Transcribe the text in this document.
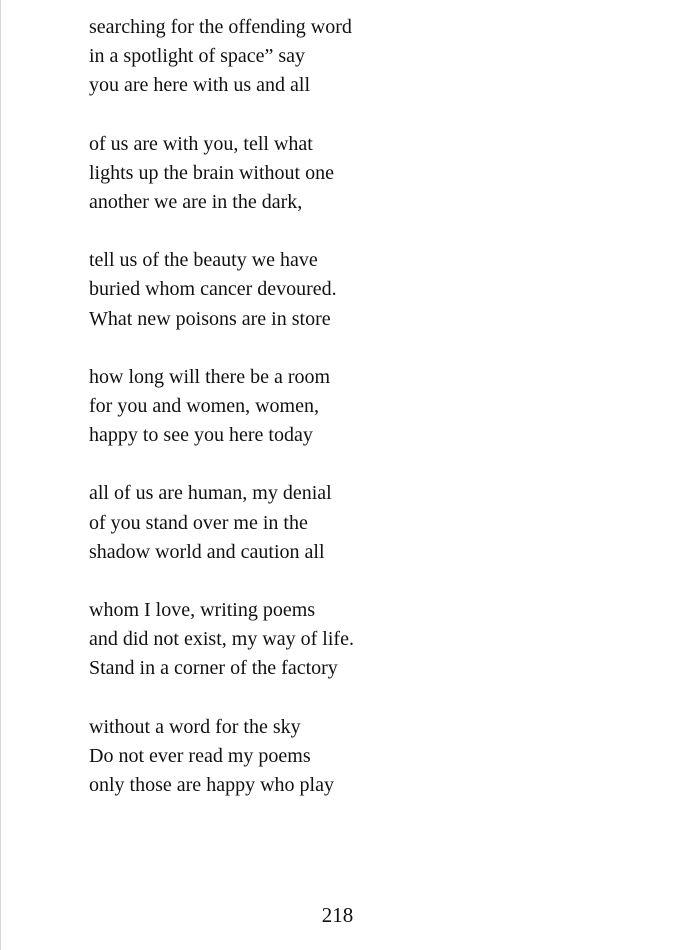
searching for the offending word
in a spotlight of space” say
you are here with us and all
of us are with you, tell what
lights up the brain without one
another we are in the dark,
tell us of the beauty we have
buried whom cancer devoured.
What new poisons are in store
how long will there be a room
for you and women, women,
happy to see you here today
all of us are human, my denial
of you stand over me in the
shadow world and caution all
whom I love, writing poems
and did not exist, my way of life.
Stand in a corner of the factory
without a word for the sky
Do not ever read my poems
only those are happy who play
218
